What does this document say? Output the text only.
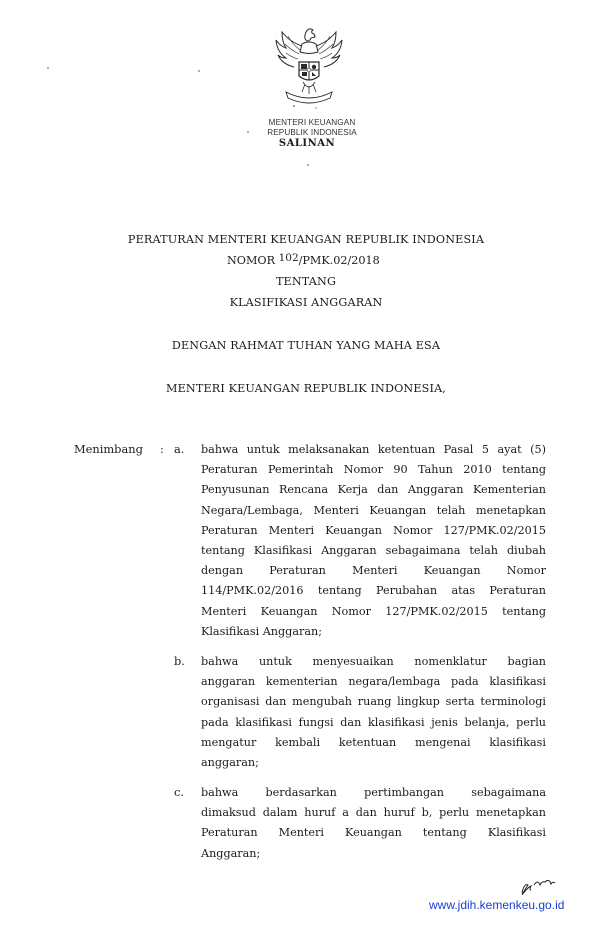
MENTERI KEUANGAN
REPUBLIK INDONESIA
SALINAN
PERATURAN MENTERI KEUANGAN REPUBLIK INDONESIA
NOMOR 102/PMK.02/2018
TENTANG
KLASIFIKASI ANGGARAN
DENGAN RAHMAT TUHAN YANG MAHA ESA
MENTERI KEUANGAN REPUBLIK INDONESIA,
Menimbang : a. bahwa untuk melaksanakan ketentuan Pasal 5 ayat (5)
Peraturan Pemerintah Nomor 90 Tahun 2010 tentang
Penyusunan Rencana Kerja dan Anggaran Kementerian
Negara/Lembaga, Menteri Keuangan telah menetapkan
Peraturan Menteri Keuangan Nomor 127/PMK.02/2015
tentang Klasifikasi Anggaran sebagaimana telah diubah
dengan Peraturan Menteri Keuangan Nomor
114/PMK.02/2016 tentang Perubahan atas Peraturan
Menteri Keuangan Nomor 127/PMK.02/2015 tentang
Klasifikasi Anggaran;
b. bahwa untuk menyesuaikan nomenklatur bagian
anggaran kementerian negara/lembaga pada klasifikasi
organisasi dan mengubah ruang lingkup serta terminologi
pada klasifikasi fungsi dan klasifikasi jenis belanja, perlu
mengatur kembali ketentuan mengenai klasifikasi
anggaran;
c. bahwa berdasarkan pertimbangan sebagaimana
dimaksud dalam huruf a dan huruf b, perlu menetapkan
Peraturan Menteri Keuangan tentang Klasifikasi
Anggaran;
www.jdih.kemenkeu.go.id
